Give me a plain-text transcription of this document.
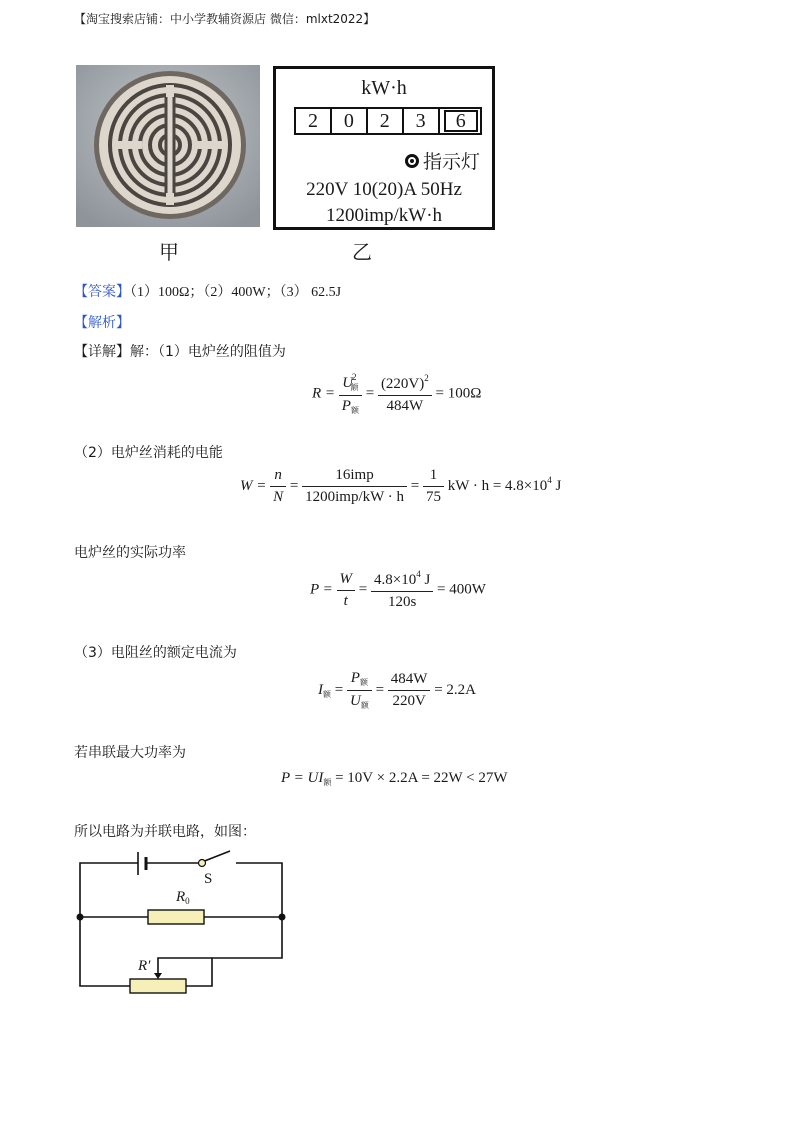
【淘宝搜索店铺：中小学教辅资源店 微信：mlxt2022】
甲
kW·h
2	0	2	3	6
指示灯
220V 10(20)A 50Hz
1200imp/kW·h
乙
【答案】（1）100Ω；（2）400W；（3） 62.5J
【解析】
【详解】解：（1）电炉丝的阻值为
$R = \frac{U^2_额}{P_额} = \frac{(220V)^2}{484W} = 100\Omega$
（2）电炉丝消耗的电能
$W = \frac{n}{N} = \frac{\text{16imp}}{\text{1200imp/kW · h}} = \frac{1}{75}$ kW · $h = 4.8\times 10^4$ J
电炉丝的实际功率
$P = \frac{W}{t} = \frac{4.8\times 10^4 J}{120s} = 400W$
（3）电阻丝的额定电流为
$I_额 = \frac{P_额}{U_额} = \frac{484W}{220V} = 2.2A$
若串联最大功率为
$P = UI_额 = 10V \times 2.2A = 22W < 27W$
所以电路为并联电路，如图：
S
$R_0$
R′
